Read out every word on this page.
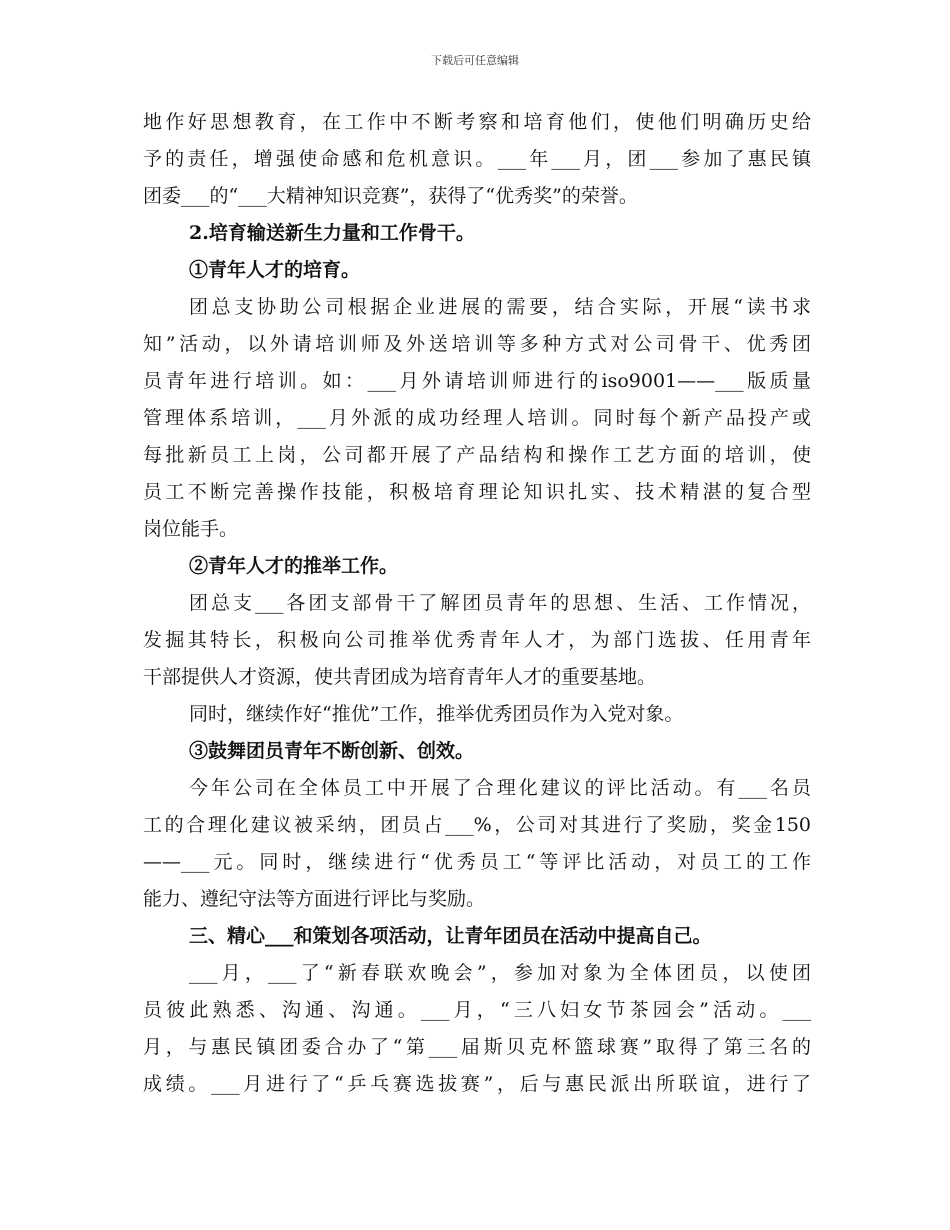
下载后可任意编辑
地作好思想教育，在工作中不断考察和培育他们，使他们明确历史给
予的责任，增强使命感和危机意识。___年___月，团___参加了惠民镇
团委___的“___大精神知识竞赛”，获得了“优秀奖”的荣誉。
2.培育输送新生力量和工作骨干。
①青年人才的培育。
团总支协助公司根据企业进展的需要，结合实际，开展“读书求
知”活动，以外请培训师及外送培训等多种方式对公司骨干、优秀团
员青年进行培训。如：___月外请培训师进行的iso9001——___版质量
管理体系培训，___月外派的成功经理人培训。同时每个新产品投产或
每批新员工上岗，公司都开展了产品结构和操作工艺方面的培训，使
员工不断完善操作技能，积极培育理论知识扎实、技术精湛的复合型
岗位能手。
②青年人才的推举工作。
团总支___各团支部骨干了解团员青年的思想、生活、工作情况，
发掘其特长，积极向公司推举优秀青年人才，为部门选拔、任用青年
干部提供人才资源，使共青团成为培育青年人才的重要基地。
同时，继续作好“推优”工作，推举优秀团员作为入党对象。
③鼓舞团员青年不断创新、创效。
今年公司在全体员工中开展了合理化建议的评比活动。有___名员
工的合理化建议被采纳，团员占___%，公司对其进行了奖励，奖金150
——___元。同时，继续进行“优秀员工“等评比活动，对员工的工作
能力、遵纪守法等方面进行评比与奖励。
三、精心___和策划各项活动，让青年团员在活动中提高自己。
___月，___了“新春联欢晚会”，参加对象为全体团员，以使团
员彼此熟悉、沟通、沟通。___月，“三八妇女节茶园会”活动。___
月，与惠民镇团委合办了“第___届斯贝克杯篮球赛”取得了第三名的
成绩。___月进行了“乒乓赛选拔赛”，后与惠民派出所联谊，进行了
